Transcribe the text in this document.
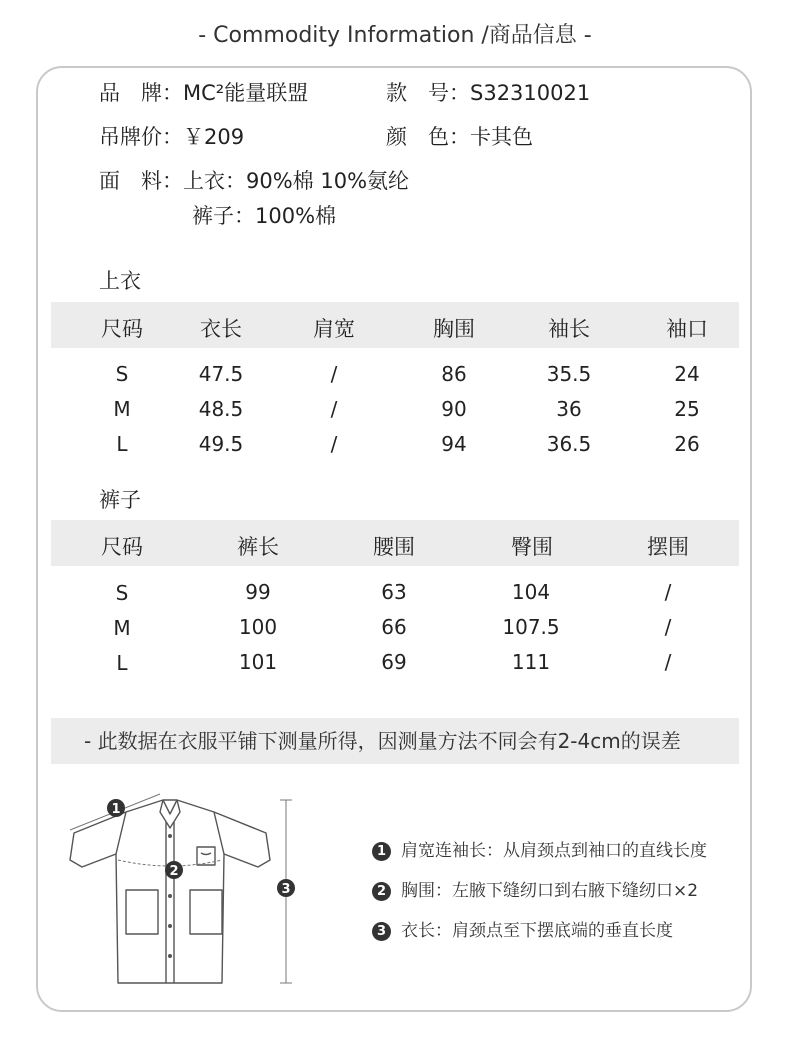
- Commodity Information /商品信息 -
品　牌：MC²能量联盟	款　号：S32310021
吊牌价：￥209	颜　色：卡其色
面　料：上衣：90%棉 10%氨纶
裤子：100%棉
上衣
尺码	衣长	肩宽	胸围	袖长	袖口
S	47.5	/	86	35.5	24
M	48.5	/	90	36	25
L	49.5	/	94	36.5	26
裤子
尺码	裤长	腰围	臀围	摆围
S	99	63	104	/
M	100	66	107.5	/
L	101	69	111	/
- 此数据在衣服平铺下测量所得，因测量方法不同会有2-4cm的误差
1
2
3
1 肩宽连袖长：从肩颈点到袖口的直线长度
2 胸围：左腋下缝纫口到右腋下缝纫口×2
3 衣长：肩颈点至下摆底端的垂直长度
